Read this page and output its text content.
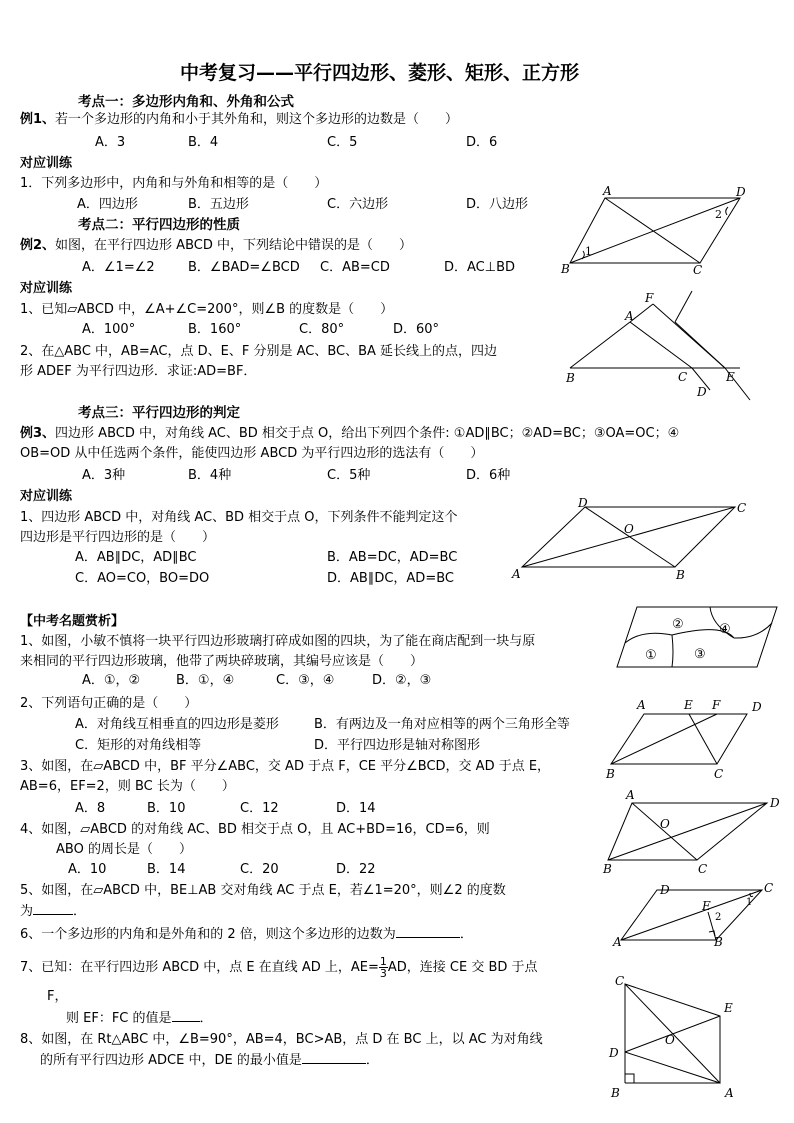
中考复习——平行四边形、菱形、矩形、正方形
考点一：多边形内角和、外角和公式
例1、若一个多边形的内角和小于其外角和，则这个多边形的边数是（　　）
A．3	B．4	C．5	D．6
对应训练
1．下列多边形中，内角和与外角和相等的是（　　）
A．四边形	B．五边形	C．六边形	D．八边形
考点二：平行四边形的性质
例2、如图，在平行四边形 ABCD 中，下列结论中错误的是（　　）
A．∠1=∠2	B．∠BAD=∠BCD C．AB=CD	D．AC⊥BD
对应训练
1、已知▱ABCD 中，∠A+∠C=200°，则∠B 的度数是（　　）
A．100°	B．160°	C．80°	D．60°
2、在△ABC 中，AB=AC，点 D、E、F 分别是 AC、BC、BA 延长线上的点，四边
形 ADEF 为平行四边形．求证:AD=BF．
考点三：平行四边形的判定
例3、四边形 ABCD 中，对角线 AC、BD 相交于点 O，给出下列四个条件: ①AD∥BC；②AD=BC；③OA=OC；④
OB=OD 从中任选两个条件，能使四边形 ABCD 为平行四边形的选法有（　　）
A．3种	B．4种	C．5种	D．6种
对应训练
1、四边形 ABCD 中，对角线 AC、BD 相交于点 O，下列条件不能判定这个
四边形是平行四边形的是（　　）
A．AB∥DC，AD∥BC	B．AB=DC，AD=BC
C．AO=CO，BO=DO	D．AB∥DC，AD=BC
【中考名题赏析】
1、如图，小敏不慎将一块平行四边形玻璃打碎成如图的四块，为了能在商店配到一块与原
来相同的平行四边形玻璃，他带了两块碎玻璃，其编号应该是（　　）
A．①，②	B．①，④	C．③，④	D．②，③
2、下列语句正确的是（　　）
A．对角线互相垂直的四边形是菱形	B．有两边及一角对应相等的两个三角形全等
C．矩形的对角线相等	D．平行四边形是轴对称图形
3、如图，在▱ABCD 中，BF 平分∠ABC，交 AD 于点 F，CE 平分∠BCD，交 AD 于点 E，
AB=6，EF=2，则 BC 长为（　　）
A．8	B．10	C．12	D．14
4、如图，▱ABCD 的对角线 AC、BD 相交于点 O，且 AC+BD=16，CD=6，则
ABO 的周长是（　　）
A．10	B．14	C．20	D．22
5、如图，在▱ABCD 中，BE⊥AB 交对角线 AC 于点 E，若∠1=20°，则∠2 的度数
为	．
6、一个多边形的内角和是外角和的 2 倍，则这个多边形的边数为	．
7、已知：在平行四边形 ABCD 中，点 E 在直线 AD 上，$AE= \frac{1}{3}$ AD，连接 CE 交 BD 于点
F，
则 EF：FC 的值是 ．
8、如图，在 Rt△ABC 中，∠B=90°，AB=4，BC>AB，点 D 在 BC 上，以 AC 为对角线
的所有平行四边形 ADCE 中，DE 的最小值是	．
A	D
B	C
1
2
A
F
B	C	E
D
D	C
A	B
O
①
②
③
④
A	E F	D
B	C
A
D
B	C
O
D	C
A	B
E	1
2
C
E
D
B	A
O
